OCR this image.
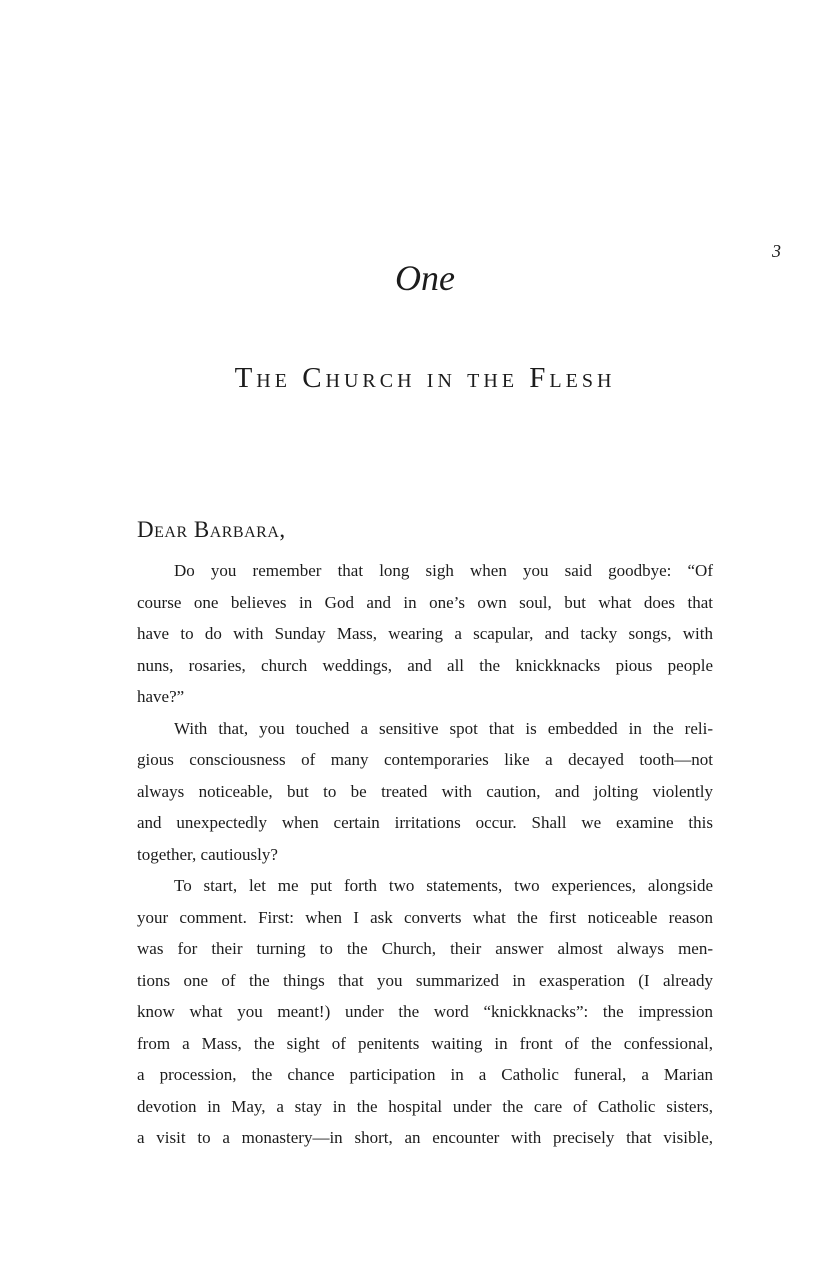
3
One
The Church in the Flesh
Dear Barbara,
Do you remember that long sigh when you said goodbye: “Of
course one believes in God and in one’s own soul, but what does that
have to do with Sunday Mass, wearing a scapular, and tacky songs, with
nuns, rosaries, church weddings, and all the knickknacks pious people
have?”
With that, you touched a sensitive spot that is embedded in the reli-
gious consciousness of many contemporaries like a decayed tooth—not
always noticeable, but to be treated with caution, and jolting violently
and unexpectedly when certain irritations occur. Shall we examine this
together, cautiously?
To start, let me put forth two statements, two experiences, alongside
your comment. First: when I ask converts what the first noticeable reason
was for their turning to the Church, their answer almost always men-
tions one of the things that you summarized in exasperation (I already
know what you meant!) under the word “knickknacks”: the impression
from a Mass, the sight of penitents waiting in front of the confessional,
a procession, the chance participation in a Catholic funeral, a Marian
devotion in May, a stay in the hospital under the care of Catholic sisters,
a visit to a monastery—in short, an encounter with precisely that visible,
